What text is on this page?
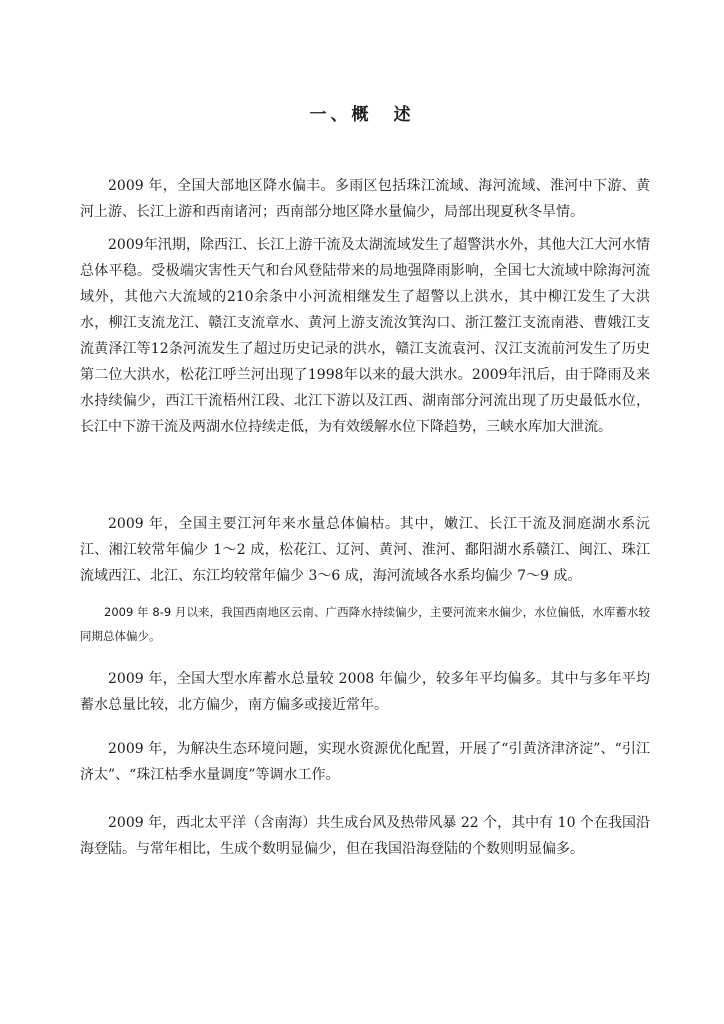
一、概　述

2009 年，全国大部地区降水偏丰。多雨区包括珠江流域、海河流域、淮河中下游、黄河上游、长江上游和西南诸河；西南部分地区降水量偏少，局部出现夏秋冬旱情。

2009年汛期，除西江、长江上游干流及太湖流域发生了超警洪水外，其他大江大河水情总体平稳。受极端灾害性天气和台风登陆带来的局地强降雨影响，全国七大流域中除海河流域外，其他六大流域的210余条中小河流相继发生了超警以上洪水，其中柳江发生了大洪水，柳江支流龙江、赣江支流章水、黄河上游支流汝箕沟口、浙江鳌江支流南港、曹娥江支流黄泽江等12条河流发生了超过历史记录的洪水，赣江支流袁河、汉江支流前河发生了历史第二位大洪水，松花江呼兰河出现了1998年以来的最大洪水。2009年汛后，由于降雨及来水持续偏少，西江干流梧州江段、北江下游以及江西、湖南部分河流出现了历史最低水位，长江中下游干流及两湖水位持续走低，为有效缓解水位下降趋势，三峡水库加大泄流。

2009 年，全国主要江河年来水量总体偏枯。其中，嫩江、长江干流及洞庭湖水系沅江、湘江较常年偏少 1～2 成，松花江、辽河、黄河、淮河、鄱阳湖水系赣江、闽江、珠江流域西江、北江、东江均较常年偏少 3～6 成，海河流域各水系均偏少 7～9 成。

2009 年 8-9 月以来，我国西南地区云南、广西降水持续偏少，主要河流来水偏少，水位偏低，水库蓄水较同期总体偏少。

2009 年，全国大型水库蓄水总量较 2008 年偏少，较多年平均偏多。其中与多年平均蓄水总量比较，北方偏少，南方偏多或接近常年。

2009 年，为解决生态环境问题，实现水资源优化配置，开展了“引黄济津济淀”、“引江济太”、“珠江枯季水量调度”等调水工作。

2009 年，西北太平洋（含南海）共生成台风及热带风暴 22 个，其中有 10 个在我国沿海登陆。与常年相比，生成个数明显偏少，但在我国沿海登陆的个数则明显偏多。
